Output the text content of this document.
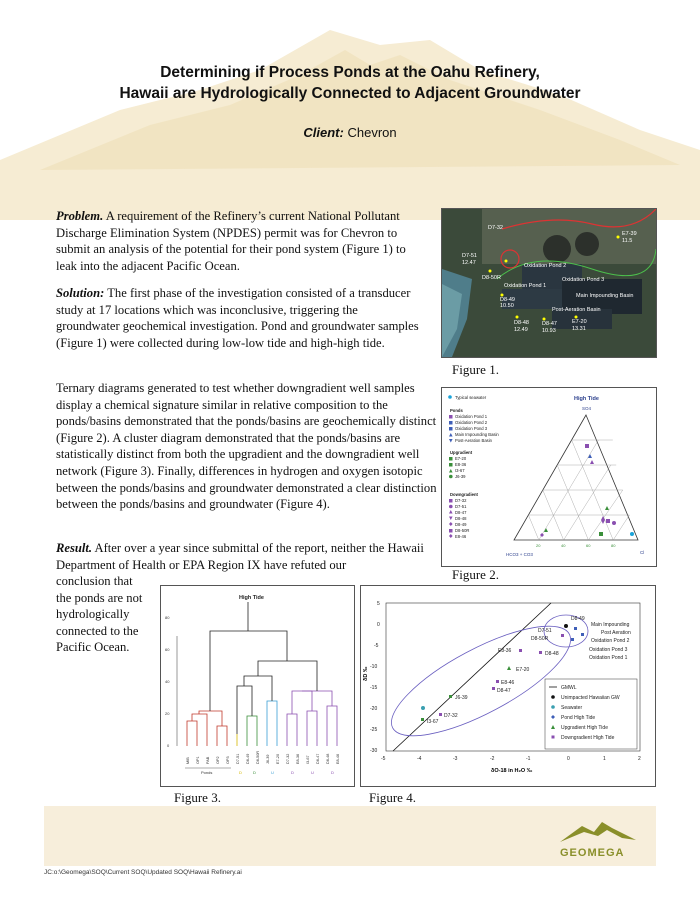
Determining if Process Ponds at the Oahu Refinery,
Hawaii are Hydrologically Connected to Adjacent Groundwater
Client: Chevron

Problem. A requirement of the Refinery’s current National Pollutant Discharge Elimination System (NPDES) permit was for Chevron to submit an analysis of the potential for their pond system (Figure 1) to leak into the adjacent Pacific Ocean.

Solution: The first phase of the investigation consisted of a transducer study at 17 locations which was inconclusive, triggering the groundwater geochemical investigation. Pond and groundwater samples (Figure 1) were collected during low-low tide and high-high tide.

Ternary diagrams generated to test whether downgradient well samples display a chemical signature similar in relative composition to the ponds/basins demonstrated that the ponds/basins are geochemically distinct (Figure 2). A cluster diagram demonstrated that the ponds/basins are statistically distinct from both the upgradient and the downgradient well network (Figure 3). Finally, differences in hydrogen and oxygen isotopic between the ponds/basins and groundwater demonstrated a clear distinction between the ponds/basins and groundwater (Figure 4).

Result. After over a year since submittal of the report, neither the Hawaii Department of Health or EPA Region IX have refuted our

conclusion that
the ponds are not
hydrologically
connected to the
Pacific Ocean.
D7-32
D7-51
12.47	Oxidation Pond 2
D8-50R
Oxidation Pond 1
Oxidation Pond 3
D8-49
10.50
Main Impounding Basin
Post-Aeration Basin
D8-48
12.49
D8-47
10.93
E7-20
13.31
E7-39
11.5
Figure 1.
Typical seawater
Ponds
Oxidation Pond 1
Oxidation Pond 2
Oxidation Pond 3
Main Impounding Basin
Post-Aeration Basin
Upgradient
E7-20
E8-36
I3-67
J6-39
Downgradient
D7-32
D7-51
D8-47
D8-48
D8-49
D8-50R
E8-46
High Tide
SO4
20	40	60	80
HCO3 + CO3	Cl
Figure 2.
High Tide
0
20
40
60
80
MIB OP1 PAB OP2 OP3 D7-51 D8-49 D8-50R J6-39 E7-20 D7-32 E8-36 I3-67 D8-47 D8-48 E8-46
Ponds	D	D	U	D	U	D
Figure 3.
-5	-4	-3	-2	-1	0	1	2
5
0
-5
-10
-15
-20
-25
-30
δO-18 in H₂O ‰
δD ‰
D8-49
Main Impounding
Post Aeration
Oxidation Pond 2
D7-51
D8-50R
Oxidation Pond 3
Oxidation Pond 1
D8-48
E8-36
E7-20
E8-46
D8-47
J6-39
D7-32
I3-67
GMWL
Unimpacted Hawaiian GW
Seawater
Pond High Tide
Upgradient High Tide
Downgradient High Tide
Figure 4.
GEOMEGA
JC:o:\Geomega\SOQ\Current SOQ\Updated SOQ\Hawaii Refinery.ai
